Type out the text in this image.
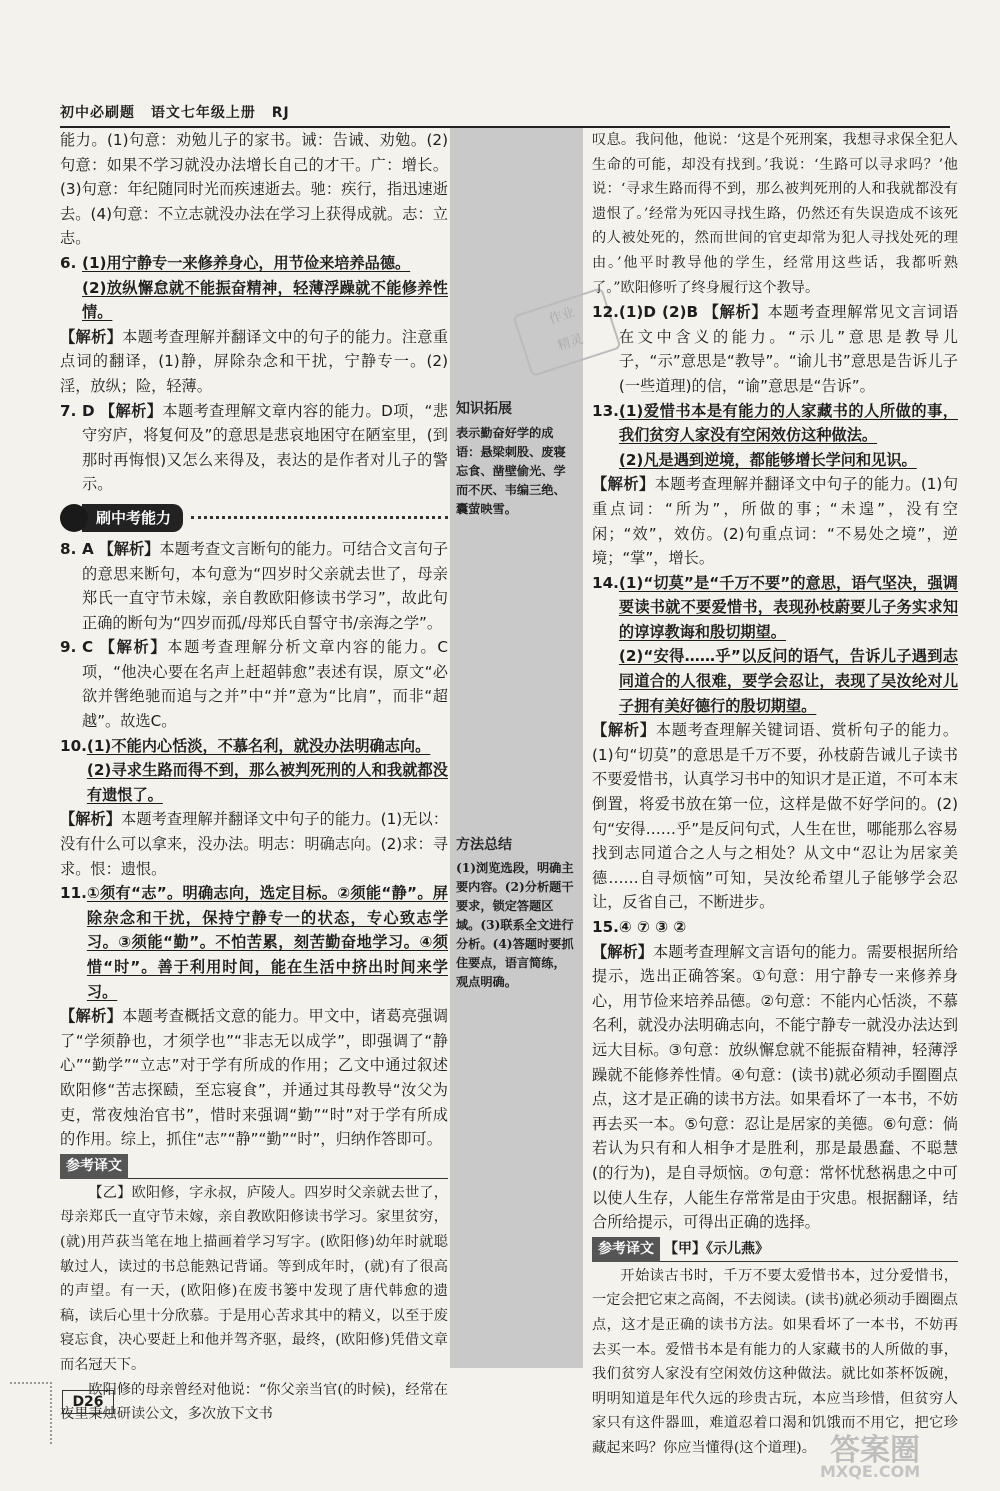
初中必刷题 语文七年级上册 RJ

能力。(1)句意：劝勉儿子的家书。诫：告诫、劝勉。(2)句意：如果不学习就没办法增长自己的才干。广：增长。(3)句意：年纪随同时光而疾速逝去。驰：疾行，指迅速逝去。(4)句意：不立志就没办法在学习上获得成就。志：立志。

6. (1)用宁静专一来修养身心，用节俭来培养品德。

(2)放纵懈怠就不能振奋精神，轻薄浮躁就不能修养性情。

【解析】本题考查理解并翻译文中的句子的能力。注意重点词的翻译，(1)静，屏除杂念和干扰，宁静专一。(2)淫，放纵；险，轻薄。

7. D 【解析】本题考查理解文章内容的能力。D项，“悲守穷庐，将复何及”的意思是悲哀地困守在陋室里，(到那时再悔恨)又怎么来得及，表达的是作者对儿子的警示。

刷中考能力
8. A 【解析】本题考查文言断句的能力。可结合文言句子的意思来断句，本句意为“四岁时父亲就去世了，母亲郑氏一直守节未嫁，亲自教欧阳修读书学习”，故此句正确的断句为“四岁而孤/母郑氏自誓守书/亲海之学”。

9. C 【解析】本题考查理解分析文章内容的能力。C项，“他决心要在名声上赶超韩愈”表述有误，原文“必欲并辔绝驰而追与之并”中“并”意为“比肩”，而非“超越”。故选C。

10. (1)不能内心恬淡，不慕名利，就没办法明确志向。

(2)寻求生路而得不到，那么被判死刑的人和我就都没有遗恨了。

【解析】本题考查理解并翻译文中句子的能力。(1)无以：没有什么可以拿来，没办法。明志：明确志向。(2)求：寻求。恨：遗恨。

11. ①须有“志”。明确志向，选定目标。②须能“静”。屏除杂念和干扰，保持宁静专一的状态，专心致志学习。③须能“勤”。不怕苦累，刻苦勤奋地学习。④须惜“时”。善于利用时间，能在生活中挤出时间来学习。

【解析】本题考查概括文意的能力。甲文中，诸葛亮强调了“学须静也，才须学也”“非志无以成学”，即强调了“静心”“勤学”“立志”对于学有所成的作用；乙文中通过叙述欧阳修“苦志探赜，至忘寝食”，并通过其母教导“汝父为吏，常夜烛治官书”，惜时来强调“勤”“时”对于学有所成的作用。综上，抓住“志”“静”“勤”“时”，归纳作答即可。

参考译文

【乙】欧阳修，字永叔，庐陵人。四岁时父亲就去世了，母亲郑氏一直守节未嫁，亲自教欧阳修读书学习。家里贫穷，(就)用芦荻当笔在地上描画着学习写字。(欧阳修)幼年时就聪敏过人，读过的书总能熟记背诵。等到成年时，(就)有了很高的声望。有一天，(欧阳修)在废书篓中发现了唐代韩愈的遗稿，读后心里十分欣慕。于是用心苦求其中的精义，以至于废寝忘食，决心要赶上和他并驾齐驱，最终，(欧阳修)凭借文章而名冠天下。

欧阳修的母亲曾经对他说：“你父亲当官(的时候)，经常在夜里秉烛研读公文，多次放下文书

知识拓展
表示勤奋好学的成语：悬梁刺股、废寝忘食、凿壁偷光、学而不厌、韦编三绝、囊萤映雪。
方法总结
(1)浏览选段，明确主要内容。(2)分析题干要求，锁定答题区域。(3)联系全文进行分析。(4)答题时要抓住要点，语言简练，观点明确。
作业
精灵

叹息。我问他，他说：‘这是个死刑案，我想寻求保全犯人生命的可能，却没有找到。’我说：‘生路可以寻求吗？’他说：‘寻求生路而得不到，那么被判死刑的人和我就都没有遗恨了。’经常为死囚寻找生路，仍然还有失误造成不该死的人被处死的，然而世间的官吏却常为犯人寻找处死的理由。’他平时教导他的学生，经常用这些话，我都听熟了。”欧阳修听了终身履行这个教导。

12. (1)D (2)B 【解析】本题考查理解常见文言词语在文中含义的能力。“示儿”意思是教导儿子，“示”意思是“教导”。“谕儿书”意思是告诉儿子(一些道理)的信，“谕”意思是“告诉”。

13. (1)爱惜书本是有能力的人家藏书的人所做的事，我们贫穷人家没有空闲效仿这种做法。

(2)凡是遇到逆境，都能够增长学问和见识。

【解析】本题考查理解并翻译文中句子的能力。(1)句重点词：“所为”，所做的事；“未遑”，没有空闲；“效”，效仿。(2)句重点词：“不易处之境”，逆境；“掌”，增长。

14. (1)“切莫”是“千万不要”的意思，语气坚决，强调要读书就不要爱惜书，表现孙枝蔚要儿子务实求知的谆谆教诲和殷切期望。

(2)“安得……乎”以反问的语气，告诉儿子遇到志同道合的人很难，要学会忍让，表现了吴汝纶对儿子拥有美好德行的殷切期望。

【解析】本题考查理解关键词语、赏析句子的能力。(1)句“切莫”的意思是千万不要，孙枝蔚告诫儿子读书不要爱惜书，认真学习书中的知识才是正道，不可本末倒置，将爱书放在第一位，这样是做不好学问的。(2)句“安得……乎”是反问句式，人生在世，哪能那么容易找到志同道合之人与之相处？从文中“忍让为居家美德……自寻烦恼”可知，吴汝纶希望儿子能够学会忍让，反省自己，不断进步。

15. ④ ⑦ ③ ②

【解析】本题考查理解文言语句的能力。需要根据所给提示，选出正确答案。①句意：用宁静专一来修养身心，用节俭来培养品德。②句意：不能内心恬淡，不慕名利，就没办法明确志向，不能宁静专一就没办法达到远大目标。③句意：放纵懈怠就不能振奋精神，轻薄浮躁就不能修养性情。④句意：(读书)就必须动手圈圈点点，这才是正确的读书方法。如果看坏了一本书，不妨再去买一本。⑤句意：忍让是居家的美德。⑥句意：倘若认为只有和人相争才是胜利，那是最愚蠢、不聪慧(的行为)，是自寻烦恼。⑦句意：常怀忧愁祸患之中可以使人生存，人能生存常常是由于灾患。根据翻译，结合所给提示，可得出正确的选择。

参考译文 【甲】《示儿燕》

开始读古书时，千万不要太爱惜书本，过分爱惜书，一定会把它束之高阁，不去阅读。(读书)就必须动手圈圈点点，这才是正确的读书方法。如果看坏了一本书，不妨再去买一本。爱惜书本是有能力的人家藏书的人所做的事，我们贫穷人家没有空闲效仿这种做法。就比如茶杯饭碗，明明知道是年代久远的珍贵古玩，本应当珍惜，但贫穷人家只有这件器皿，难道忍着口渴和饥饿而不用它，把它珍藏起来吗？你应当懂得(这个道理)。

D26
答案圈
MXQE.COM
